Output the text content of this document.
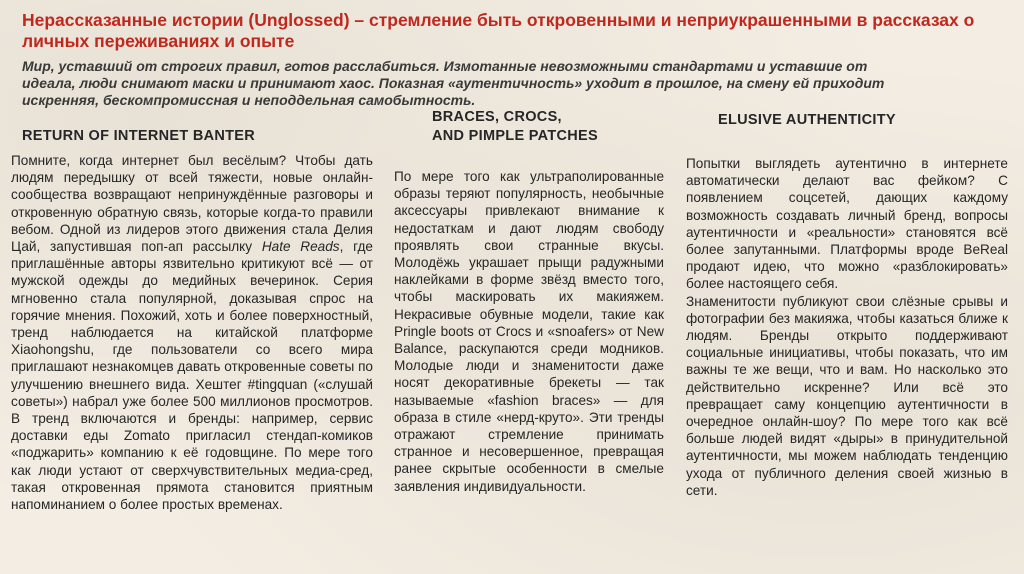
Нерассказанные истории (Unglossed) – стремление быть откровенными и неприукрашенными в рассказах о личных переживаниях и опыте

Мир, уставший от строгих правил, готов расслабиться. Измотанные невозможными стандартами и уставшие от идеала, люди снимают маски и принимают хаос. Показная «аутентичность» уходит в прошлое, на смену ей приходит искренняя, бескомпромиссная и неподдельная самобытность.

RETURN OF INTERNET BANTER
Помните, когда интернет был весёлым? Чтобы дать людям передышку от всей тяжести, новые онлайн-сообщества возвращают непринуждённые разговоры и откровенную обратную связь, которые когда-то правили вебом. Одной из лидеров этого движения стала Делия Цай, запустившая поп-ап рассылку Hate Reads, где приглашённые авторы язвительно критикуют всё — от мужской одежды до медийных вечеринок. Серия мгновенно стала популярной, доказывая спрос на горячие мнения. Похожий, хоть и более поверхностный, тренд наблюдается на китайской платформе Xiaohongshu, где пользователи со всего мира приглашают незнакомцев давать откровенные советы по улучшению внешнего вида. Хештег #tingquan («слушай советы») набрал уже более 500 миллионов просмотров. В тренд включаются и бренды: например, сервис доставки еды Zomato пригласил стендап-комиков «поджарить» компанию к её годовщине. По мере того как люди устают от сверхчувствительных медиа-сред, такая откровенная прямота становится приятным напоминанием о более простых временах.
BRACES, CROCS,
AND PIMPLE PATCHES
По мере того как ультраполированные образы теряют популярность, необычные аксессуары привлекают внимание к недостаткам и дают людям свободу проявлять свои странные вкусы. Молодёжь украшает прыщи радужными наклейками в форме звёзд вместо того, чтобы маскировать их макияжем. Некрасивые обувные модели, такие как Pringle boots от Crocs и «snoafers» от New Balance, раскупаются среди модников. Молодые люди и знаменитости даже носят декоративные брекеты — так называемые «fashion braces» — для образа в стиле «нерд-круто». Эти тренды отражают стремление принимать странное и несовершенное, превращая ранее скрытые особенности в смелые заявления индивидуальности.
ELUSIVE AUTHENTICITY

Попытки выглядеть аутентично в интернете автоматически делают вас фейком? С появлением соцсетей, дающих каждому возможность создавать личный бренд, вопросы аутентичности и «реальности» становятся всё более запутанными. Платформы вроде BeReal продают идею, что можно «разблокировать» более настоящего себя.

Знаменитости публикуют свои слёзные срывы и фотографии без макияжа, чтобы казаться ближе к людям. Бренды открыто поддерживают социальные инициативы, чтобы показать, что им важны те же вещи, что и вам. Но насколько это действительно искренне? Или всё это превращает саму концепцию аутентичности в очередное онлайн-шоу? По мере того как всё больше людей видят «дыры» в принудительной аутентичности, мы можем наблюдать тенденцию ухода от публичного деления своей жизнью в сети.
